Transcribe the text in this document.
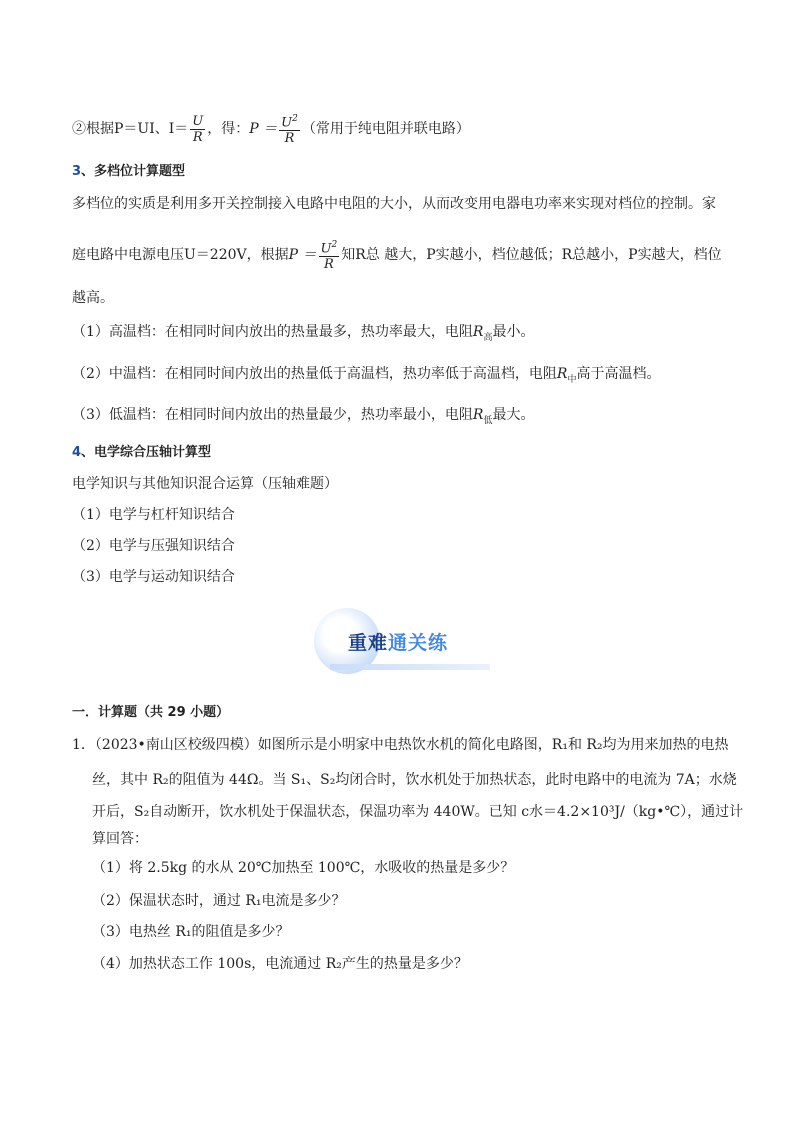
②根据P＝UI、$I= \frac{U}{R}$ ，得：$P = \frac{U^2}{R}$ （常用于纯电阻并联电路）
3、多档位计算题型
多档位的实质是利用多开关控制接入电路中电阻的大小，从而改变用电器电功率来实现对档位的控制。家
庭电路中电源电压U＝220V，根据$P = \frac{U^2}{R}$ 知R总 越大，P实越小，档位越低；R总越小，P实越大，档位
越高。
（1）高温档：在相同时间内放出的热量最多，热功率最大，电阻$R_高$最小。
（2）中温档：在相同时间内放出的热量低于高温档，热功率低于高温档，电阻$R_中$高于高温档。
（3）低温档：在相同时间内放出的热量最少，热功率最小，电阻$R_低$最大。
4、电学综合压轴计算型
电学知识与其他知识混合运算（压轴难题）
（1）电学与杠杆知识结合
（2）电学与压强知识结合
（3）电学与运动知识结合
重难通关练
一．计算题（共 29 小题）
1．（2023•南山区校级四模）如图所示是小明家中电热饮水机的简化电路图，R₁和 R₂均为用来加热的电热
丝，其中 R₂的阻值为 44Ω。当 S₁、S₂均闭合时，饮水机处于加热状态，此时电路中的电流为 7A；水烧
开后，S₂自动断开，饮水机处于保温状态，保温功率为 440W。已知 c水＝4.2×10³J/（kg•℃），通过计
算回答：
（1）将 2.5kg 的水从 20℃加热至 100℃，水吸收的热量是多少？
（2）保温状态时，通过 R₁电流是多少？
（3）电热丝 R₁的阻值是多少？
（4）加热状态工作 100s，电流通过 R₂产生的热量是多少？
